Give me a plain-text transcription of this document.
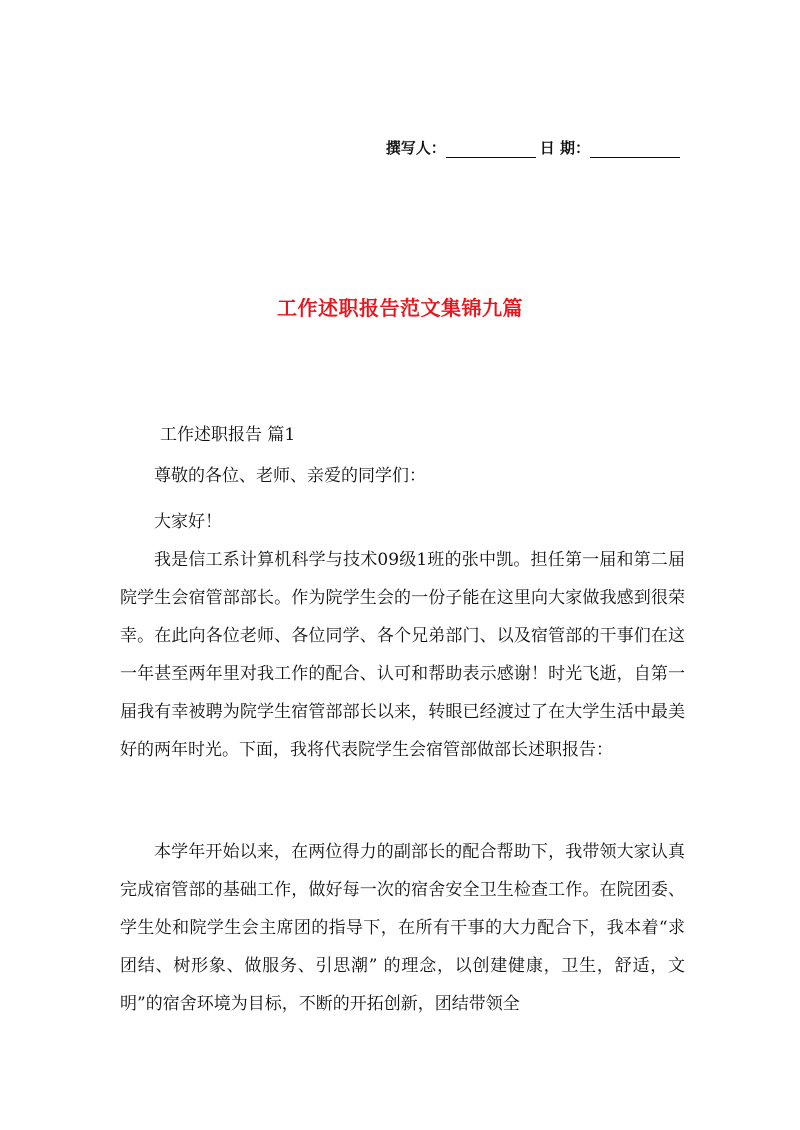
撰写人：	日 期：
工作述职报告范文集锦九篇
工作述职报告 篇1

尊敬的各位、老师、亲爱的同学们：

大家好！

我是信工系计算机科学与技术09级1班的张中凯。担任第一届和第二届院学生会宿管部部长。作为院学生会的一份子能在这里向大家做我感到很荣幸。在此向各位老师、各位同学、各个兄弟部门、以及宿管部的干事们在这一年甚至两年里对我工作的配合、认可和帮助表示感谢！时光飞逝，自第一届我有幸被聘为院学生宿管部部长以来，转眼已经渡过了在大学生活中最美好的两年时光。下面，我将代表院学生会宿管部做部长述职报告：

本学年开始以来，在两位得力的副部长的配合帮助下，我带领大家认真完成宿管部的基础工作，做好每一次的宿舍安全卫生检查工作。在院团委、学生处和院学生会主席团的指导下，在所有干事的大力配合下，我本着“求团结、树形象、做服务、引思潮” 的理念，以创建健康，卫生，舒适，文明”的宿舍环境为目标，不断的开拓创新，团结带领全
